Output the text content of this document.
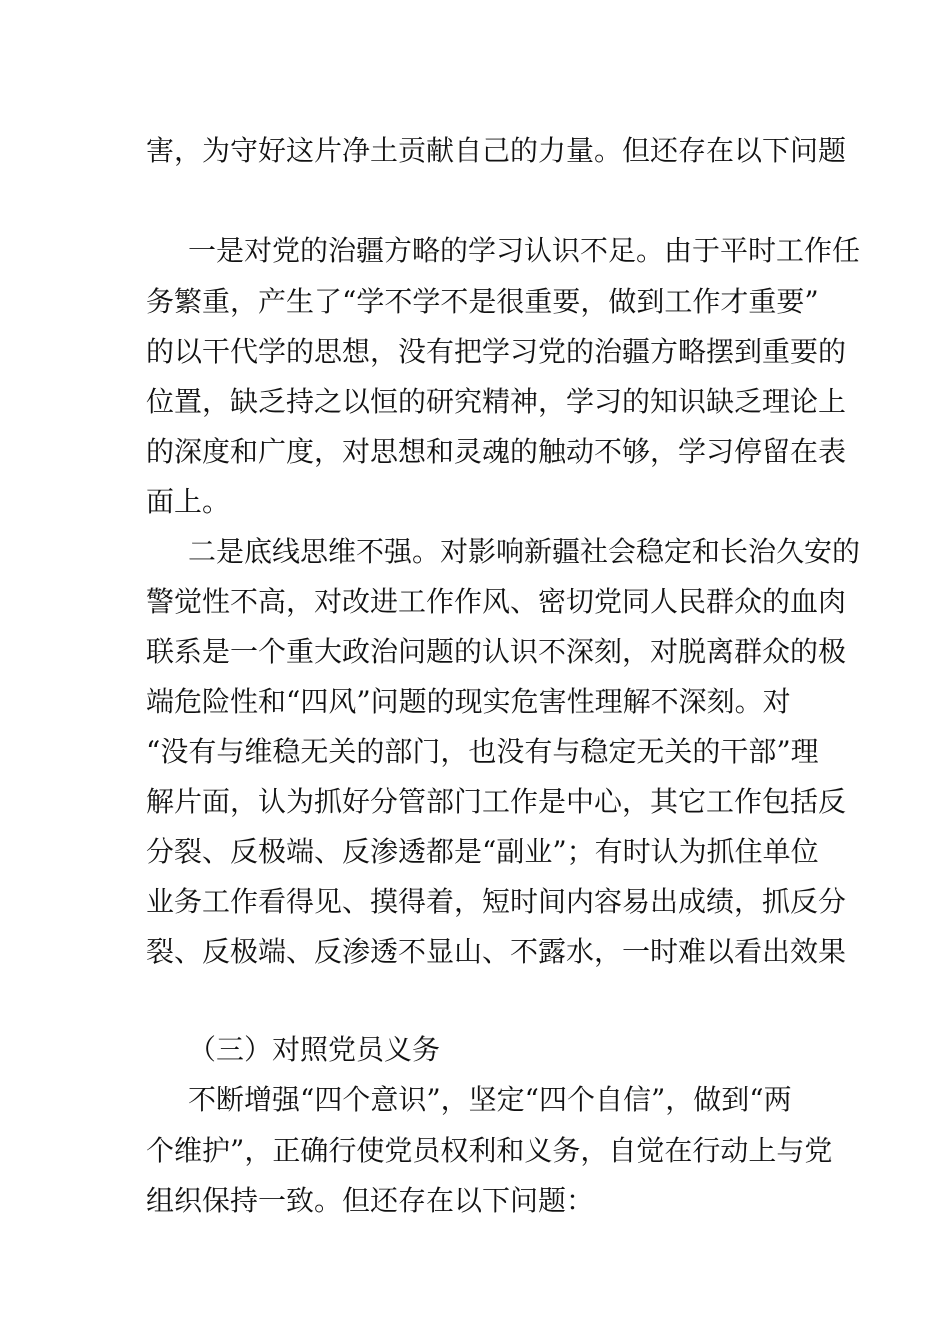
害，为守好这片净土贡献自己的力量。但还存在以下问题
一是对党的治疆方略的学习认识不足。由于平时工作任
务繁重，产生了“学不学不是很重要，做到工作才重要”
的以干代学的思想，没有把学习党的治疆方略摆到重要的
位置，缺乏持之以恒的研究精神，学习的知识缺乏理论上
的深度和广度，对思想和灵魂的触动不够，学习停留在表
面上。
二是底线思维不强。对影响新疆社会稳定和长治久安的
警觉性不高，对改进工作作风、密切党同人民群众的血肉
联系是一个重大政治问题的认识不深刻，对脱离群众的极
端危险性和“四风”问题的现实危害性理解不深刻。对
“没有与维稳无关的部门，也没有与稳定无关的干部”理
解片面，认为抓好分管部门工作是中心，其它工作包括反
分裂、反极端、反渗透都是“副业”；有时认为抓住单位
业务工作看得见、摸得着，短时间内容易出成绩，抓反分
裂、反极端、反渗透不显山、不露水，一时难以看出效果
（三）对照党员义务
不断增强“四个意识”，坚定“四个自信”，做到“两
个维护”，正确行使党员权利和义务，自觉在行动上与党
组织保持一致。但还存在以下问题：
